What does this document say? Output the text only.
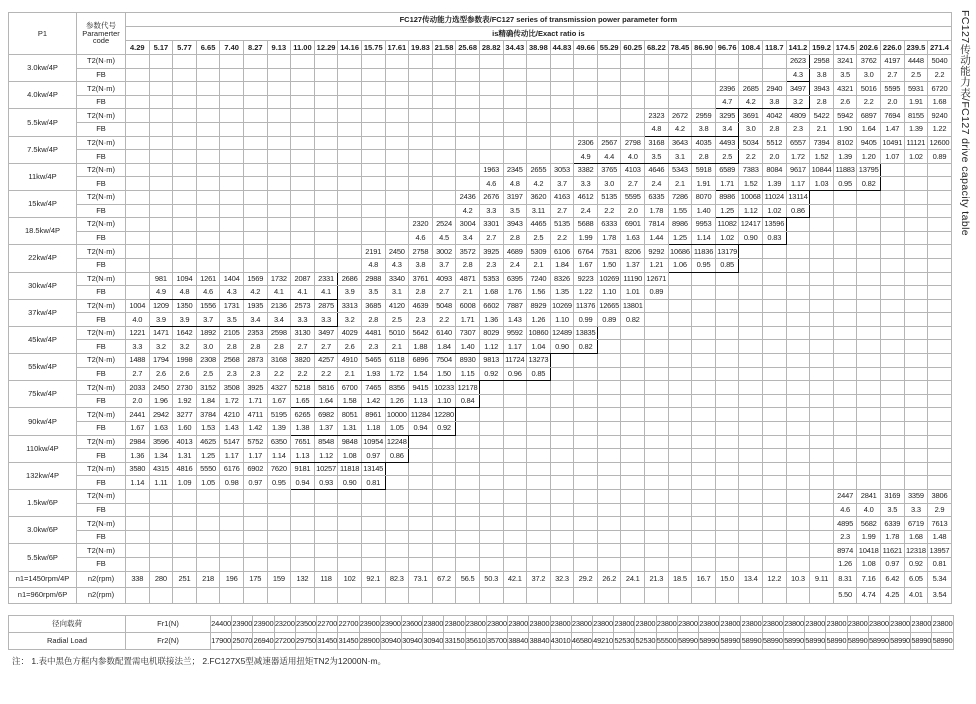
P1	参数代号
Paramerter
code	FC127传动能力选型参数表/FC127 series of transmission power parameter form																																		
		is精确传动比/Exact ratio is																																		
		4.29	5.17	5.77	6.65	7.40	8.27	9.13	11.00	12.29	14.16	15.75	17.61	19.83	21.58	25.68	28.82	34.43	38.98	44.83	49.66	55.29	60.25	68.22	78.45	86.90	96.76	108.4	118.7	141.2	159.2	174.5	202.6	226.0	239.5	271.4
3.0kw/4P	T2(N·m)																													2623	2958	3241	3762	4197	4448	5040
	FB																													4.3	3.8	3.5	3.0	2.7	2.5	2.2
4.0kw/4P	T2(N·m)																										2396	2685	2940	3497	3943	4321	5016	5595	5931	6720
	FB																										4.7	4.2	3.8	3.2	2.8	2.6	2.2	2.0	1.91	1.68
5.5kw/4P	T2(N·m)																							2323	2672	2959	3295	3691	4042	4809	5422	5942	6897	7694	8155	9240
	FB																							4.8	4.2	3.8	3.4	3.0	2.8	2.3	2.1	1.90	1.64	1.47	1.39	1.22
7.5kw/4P	T2(N·m)																				2306	2567	2798	3168	3643	4035	4493	5034	5512	6557	7394	8102	9405	10491	11121	12600
	FB																				4.9	4.4	4.0	3.5	3.1	2.8	2.5	2.2	2.0	1.72	1.52	1.39	1.20	1.07	1.02	0.89
11kw/4P	T2(N·m)																1963	2345	2655	3053	3382	3765	4103	4646	5343	5918	6589	7383	8084	9617	10844	11883	13795			
	FB																4.6	4.8	4.2	3.7	3.3	3.0	2.7	2.4	2.1	1.91	1.71	1.52	1.39	1.17	1.03	0.95	0.82			
15kw/4P	T2(N·m)															2436	2676	3197	3620	4163	4612	5135	5595	6335	7286	8070	8986	10068	11024	13114						
	FB															4.2	3.3	3.5	3.11	2.7	2.4	2.2	2.0	1.78	1.55	1.40	1.25	1.12	1.02	0.86						
18.5kw/4P	T2(N·m)													2320	2524	3004	3301	3943	4465	5135	5688	6333	6901	7814	8986	9953	11082	12417	13596							
	FB													4.6	4.5	3.4	2.7	2.8	2.5	2.2	1.99	1.78	1.63	1.44	1.25	1.14	1.02	0.90	0.83							
22kw/4P	T2(N·m)											2191	2450	2758	3002	3572	3925	4689	5309	6106	6764	7531	8206	9292	10686	11836	13179									
	FB											4.8	4.3	3.8	3.7	2.8	2.3	2.4	2.1	1.84	1.67	1.50	1.37	1.21	1.06	0.95	0.85									
30kw/4P	T2(N·m)		981	1094	1261	1404	1569	1732	2087	2331	2686	2988	3340	3761	4093	4871	5353	6395	7240	8326	9223	10269	11190	12671												
	FB		4.9	4.8	4.6	4.3	4.2	4.1	4.1	4.1	3.9	3.5	3.1	2.8	2.7	2.1	1.68	1.76	1.56	1.35	1.22	1.10	1.01	0.89												
37kw/4P	T2(N·m)	1004	1209	1350	1556	1731	1935	2136	2573	2875	3313	3685	4120	4639	5048	6008	6602	7887	8929	10269	11376	12665	13801													
	FB	4.0	3.9	3.9	3.7	3.5	3.4	3.4	3.3	3.3	3.2	2.8	2.5	2.3	2.2	1.71	1.36	1.43	1.26	1.10	0.99	0.89	0.82													
45kw/4P	T2(N·m)	1221	1471	1642	1892	2105	2353	2598	3130	3497	4029	4481	5010	5642	6140	7307	8029	9592	10860	12489	13835															
	FB	3.3	3.2	3.2	3.0	2.8	2.8	2.8	2.7	2.7	2.6	2.3	2.1	1.88	1.84	1.40	1.12	1.17	1.04	0.90	0.82															
55kw/4P	T2(N·m)	1488	1794	1998	2308	2568	2873	3168	3820	4257	4910	5465	6118	6896	7504	8930	9813	11724	13273																	
	FB	2.7	2.6	2.6	2.5	2.3	2.3	2.2	2.2	2.2	2.1	1.93	1.72	1.54	1.50	1.15	0.92	0.96	0.85																	
75kw/4P	T2(N·m)	2033	2450	2730	3152	3508	3925	4327	5218	5816	6700	7465	8356	9415	10233	12178																				
	FB	2.0	1.96	1.92	1.84	1.72	1.71	1.67	1.65	1.64	1.58	1.42	1.26	1.13	1.10	0.84																				
90kw/4P	T2(N·m)	2441	2942	3277	3784	4210	4711	5195	6265	6982	8051	8961	10000	11284	12280																					
	FB	1.67	1.63	1.60	1.53	1.43	1.42	1.39	1.38	1.37	1.31	1.18	1.05	0.94	0.92																					
110kw/4P	T2(N·m)	2984	3596	4013	4625	5147	5752	6350	7651	8548	9848	10954	12248																							
	FB	1.36	1.34	1.31	1.25	1.17	1.17	1.14	1.13	1.12	1.08	0.97	0.86																							
132kw/4P	T2(N·m)	3580	4315	4816	5550	6176	6902	7620	9181	10257	11818	13145																								
	FB	1.14	1.11	1.09	1.05	0.98	0.97	0.95	0.94	0.93	0.90	0.81																								
1.5kw/6P	T2(N·m)																															2447	2841	3169	3359	3806
	FB																															4.6	4.0	3.5	3.3	2.9
3.0kw/6P	T2(N·m)																															4895	5682	6339	6719	7613
	FB																															2.3	1.99	1.78	1.68	1.48
5.5kw/6P	T2(N·m)																															8974	10418	11621	12318	13957
	FB																															1.26	1.08	0.97	0.92	0.81
n1=1450rpm/4P	n2(rpm)	338	280	251	218	196	175	159	132	118	102	92.1	82.3	73.1	67.2	56.5	50.3	42.1	37.2	32.3	29.2	26.2	24.1	21.3	18.5	16.7	15.0	13.4	12.2	10.3	9.11	8.31	7.16	6.42	6.05	5.34
n1=960rpm/6P	n2(rpm)																															5.50	4.74	4.25	4.01	3.54
径向载荷	Fr1(N)	24400	23900	23900	23200	23500	22700	22700	23900	23900	23600	23800	23800	23800	23800	23800	23800	23800	23800	23800	23800	23800	23800	23800	23800	23800	23800	23800	23800	23800	23800	23800	23800	23800	23800	23800
Radial Load	Fr2(N)	17900	25070	26940	27200	29750	31450	31450	28900	30940	30940	30940	33150	35610	35700	38840	38840	43010	46580	49210	52530	52530	55500	58990	58990	58990	58990	58990	58990	58990	58990	58990	58990	58990	58990	58990
注： 1.表中黑色方框内参数配置需电机联接法兰； 2.FC127X5型减速器适用扭矩TN2为12000N·m。
FC127传动能力表/FC127 drive capacity table
